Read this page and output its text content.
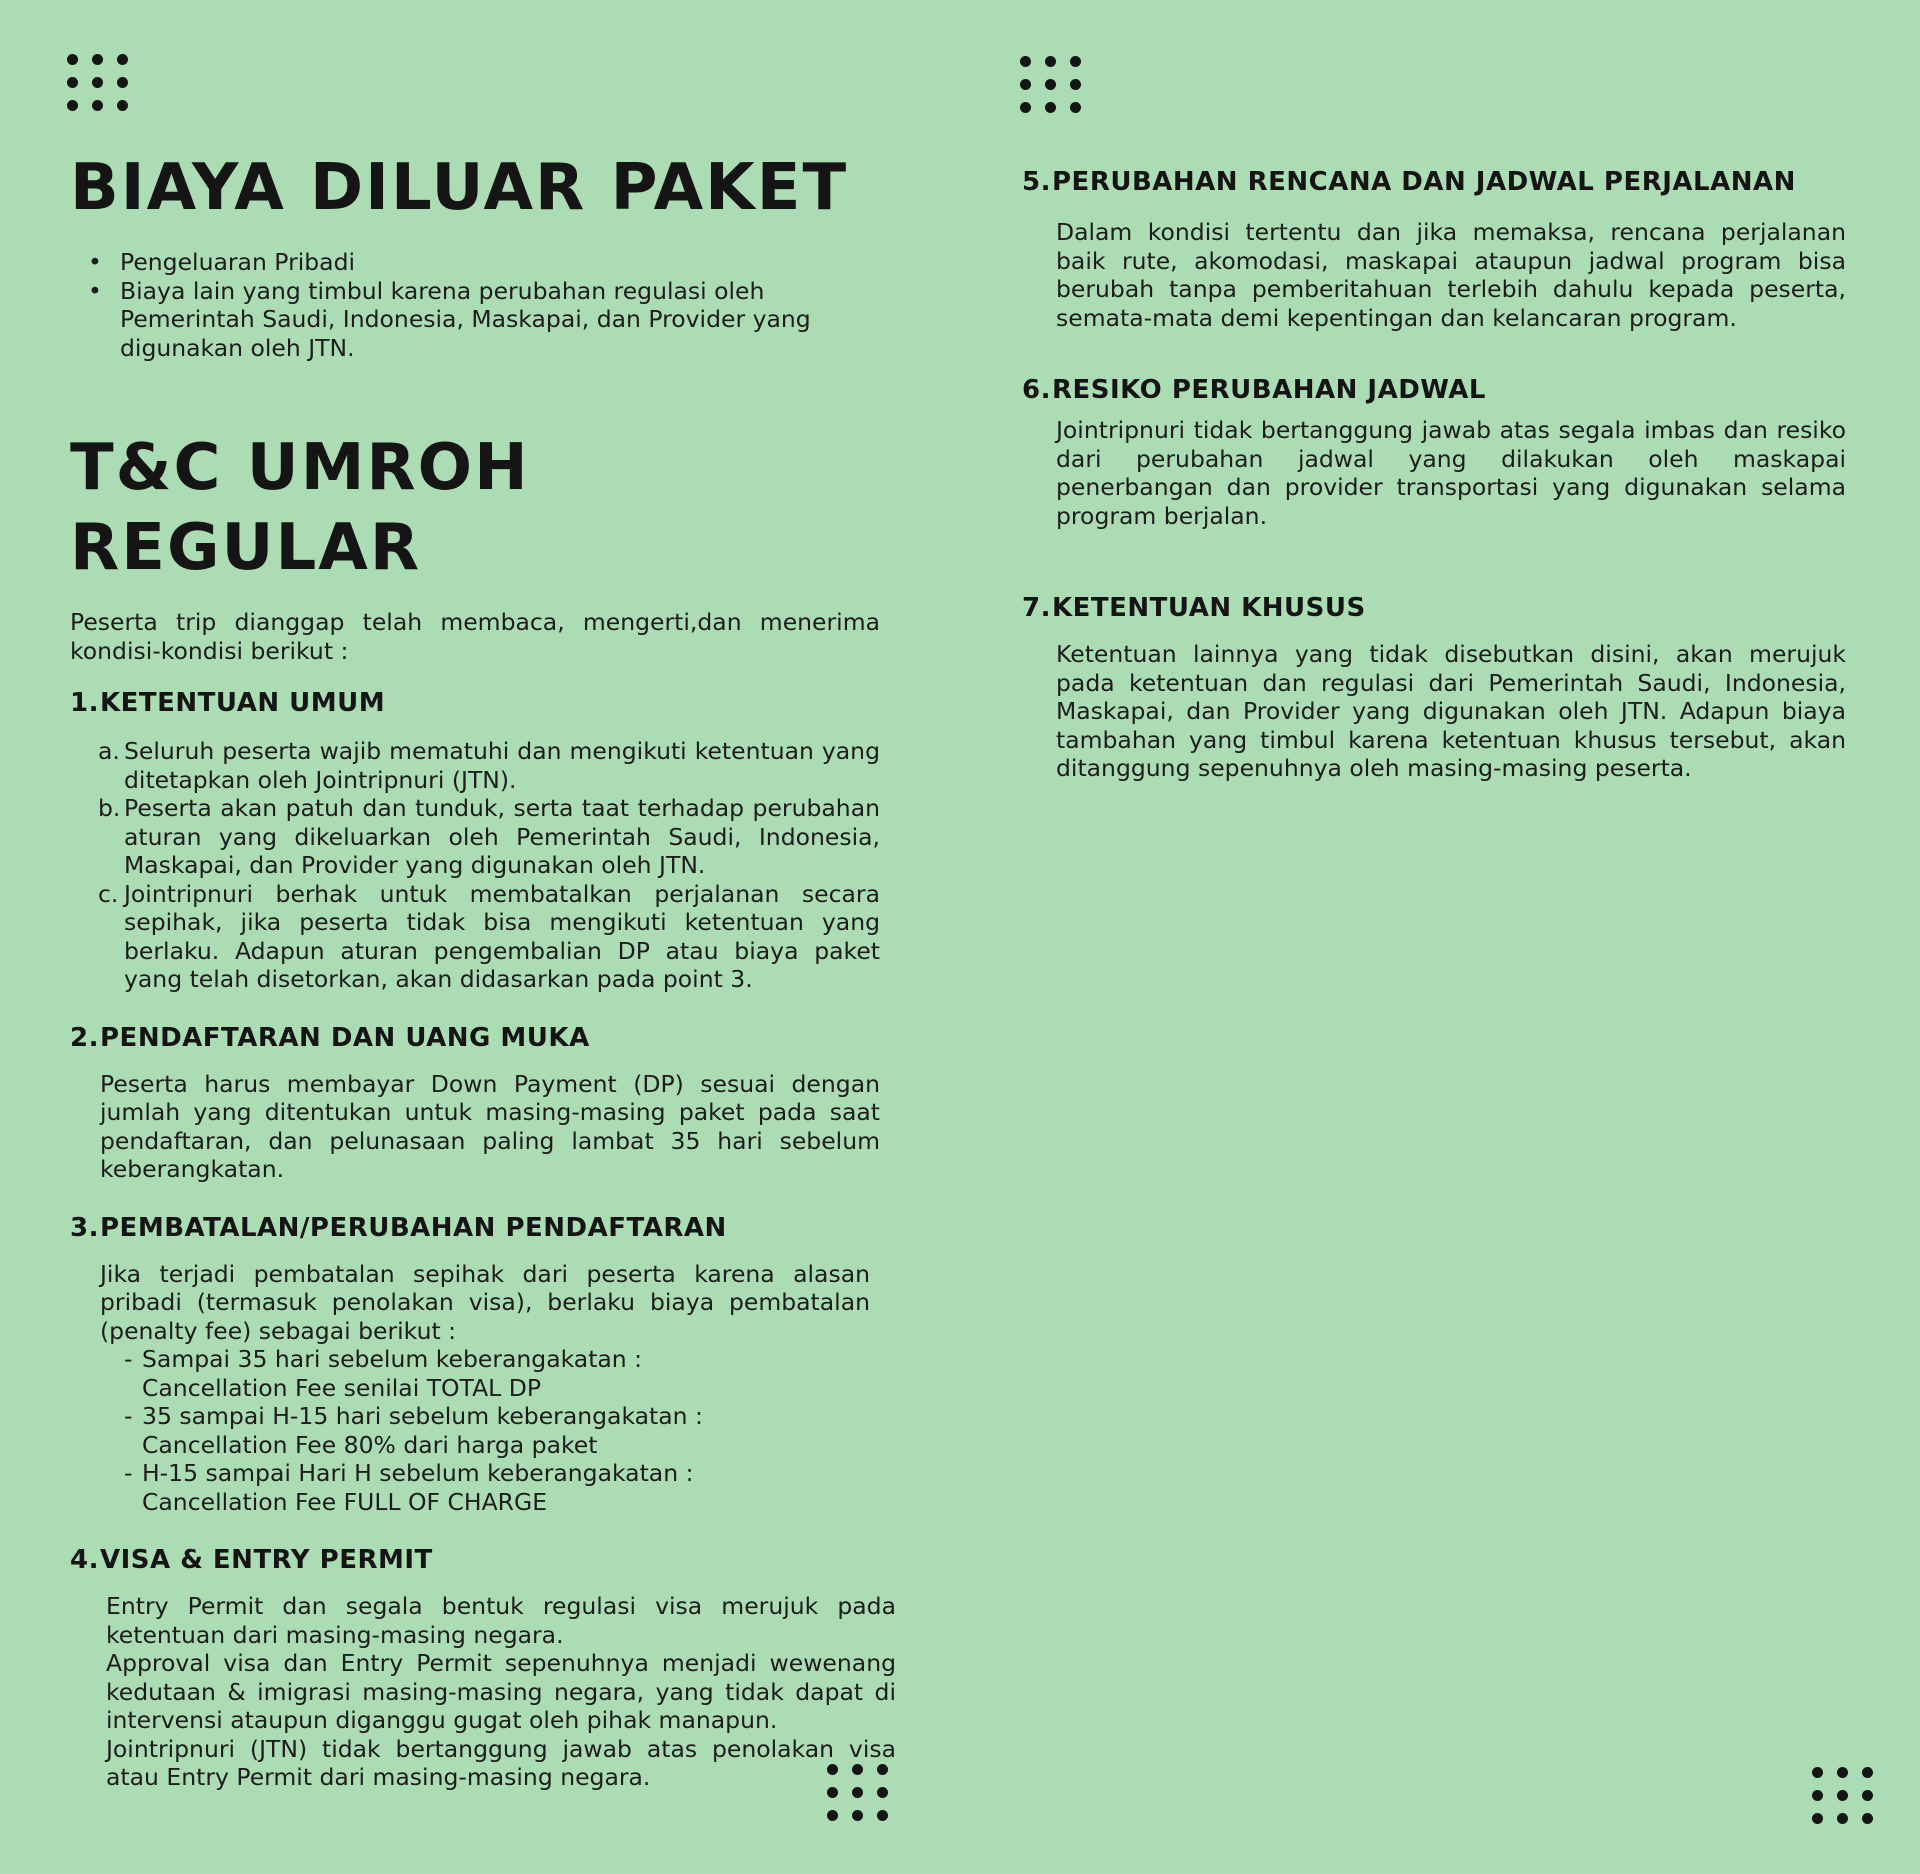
BIAYA DILUAR PAKET
• Pengeluaran Pribadi
• Biaya lain yang timbul karena perubahan regulasi oleh Pemerintah Saudi, Indonesia, Maskapai, dan Provider yang digunakan oleh JTN.
T&C UMROH REGULAR

Peserta trip dianggap telah membaca, mengerti,dan menerima kondisi-kondisi berikut :

1.KETENTUAN UMUM
a. Seluruh peserta wajib mematuhi dan mengikuti ketentuan yang ditetapkan oleh Jointripnuri (JTN).
b. Peserta akan patuh dan tunduk, serta taat terhadap perubahan aturan yang dikeluarkan oleh Pemerintah Saudi, Indonesia, Maskapai, dan Provider yang digunakan oleh JTN.
c. Jointripnuri berhak untuk membatalkan perjalanan secara sepihak, jika peserta tidak bisa mengikuti ketentuan yang berlaku. Adapun aturan pengembalian DP atau biaya paket yang telah disetorkan, akan didasarkan pada point 3.
2.PENDAFTARAN DAN UANG MUKA

Peserta harus membayar Down Payment (DP) sesuai dengan jumlah yang ditentukan untuk masing-masing paket pada saat pendaftaran, dan pelunasaan paling lambat 35 hari sebelum keberangkatan.

3.PEMBATALAN/PERUBAHAN PENDAFTARAN

Jika terjadi pembatalan sepihak dari peserta karena alasan pribadi (termasuk penolakan visa), berlaku biaya pembatalan (penalty fee) sebagai berikut :

- Sampai 35 hari sebelum keberangakatan :
Cancellation Fee senilai TOTAL DP
- 35 sampai H-15 hari sebelum keberangakatan :
Cancellation Fee 80% dari harga paket
- H-15 sampai Hari H sebelum keberangakatan :
Cancellation Fee FULL OF CHARGE
4.VISA & ENTRY PERMIT

Entry Permit dan segala bentuk regulasi visa merujuk pada ketentuan dari masing-masing negara.

Approval visa dan Entry Permit sepenuhnya menjadi wewenang kedutaan & imigrasi masing-masing negara, yang tidak dapat di intervensi ataupun diganggu gugat oleh pihak manapun.

Jointripnuri (JTN) tidak bertanggung jawab atas penolakan visa atau Entry Permit dari masing-masing negara.

5.PERUBAHAN RENCANA DAN JADWAL PERJALANAN

Dalam kondisi tertentu dan jika memaksa, rencana perjalanan baik rute, akomodasi, maskapai ataupun jadwal program bisa berubah tanpa pemberitahuan terlebih dahulu kepada peserta, semata-mata demi kepentingan dan kelancaran program.

6.RESIKO PERUBAHAN JADWAL

Jointripnuri tidak bertanggung jawab atas segala imbas dan resiko dari perubahan jadwal yang dilakukan oleh maskapai penerbangan dan provider transportasi yang digunakan selama program berjalan.

7.KETENTUAN KHUSUS

Ketentuan lainnya yang tidak disebutkan disini, akan merujuk pada ketentuan dan regulasi dari Pemerintah Saudi, Indonesia, Maskapai, dan Provider yang digunakan oleh JTN. Adapun biaya tambahan yang timbul karena ketentuan khusus tersebut, akan ditanggung sepenuhnya oleh masing-masing peserta.
